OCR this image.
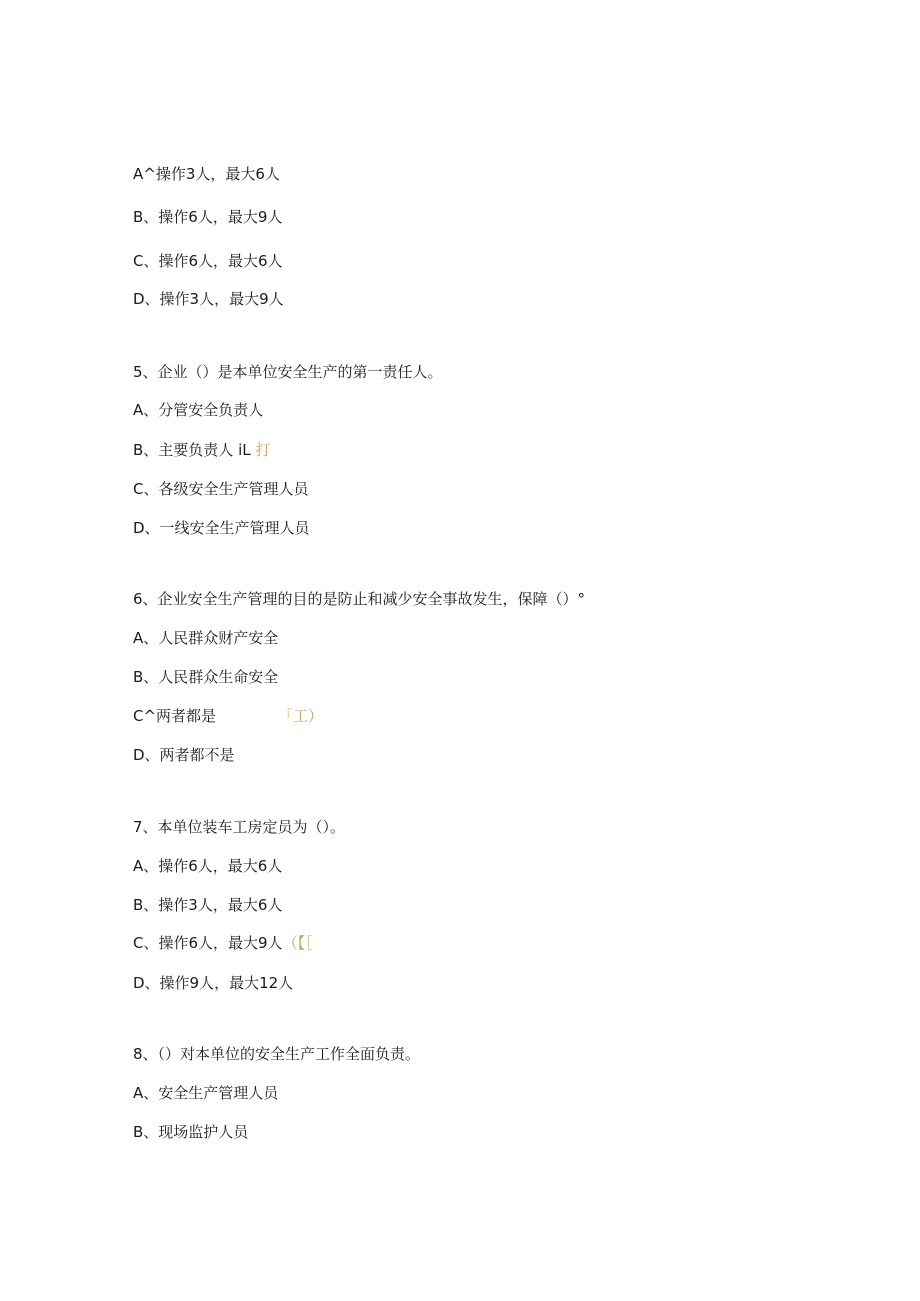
A^操作3人，最大6人
B、操作6人，最大9人
C、操作6人，最大6人
D、操作3人，最大9人
5、企业（）是本单位安全生产的第一责任人。
A、分管安全负责人
B、主要负责人 iL 打
C、各级安全生产管理人员
D、一线安全生产管理人员
6、企业安全生产管理的目的是防止和减少安全事故发生，保障（）°
A、人民群众财产安全
B、人民群众生命安全
C^两者都是	「工）
D、两者都不是
7、本单位装车工房定员为（）。
A、操作6人，最大6人
B、操作3人，最大6人
C、操作6人，最大9人（【［
D、操作9人，最大12人
8、（）对本单位的安全生产工作全面负责。
A、安全生产管理人员
B、现场监护人员
